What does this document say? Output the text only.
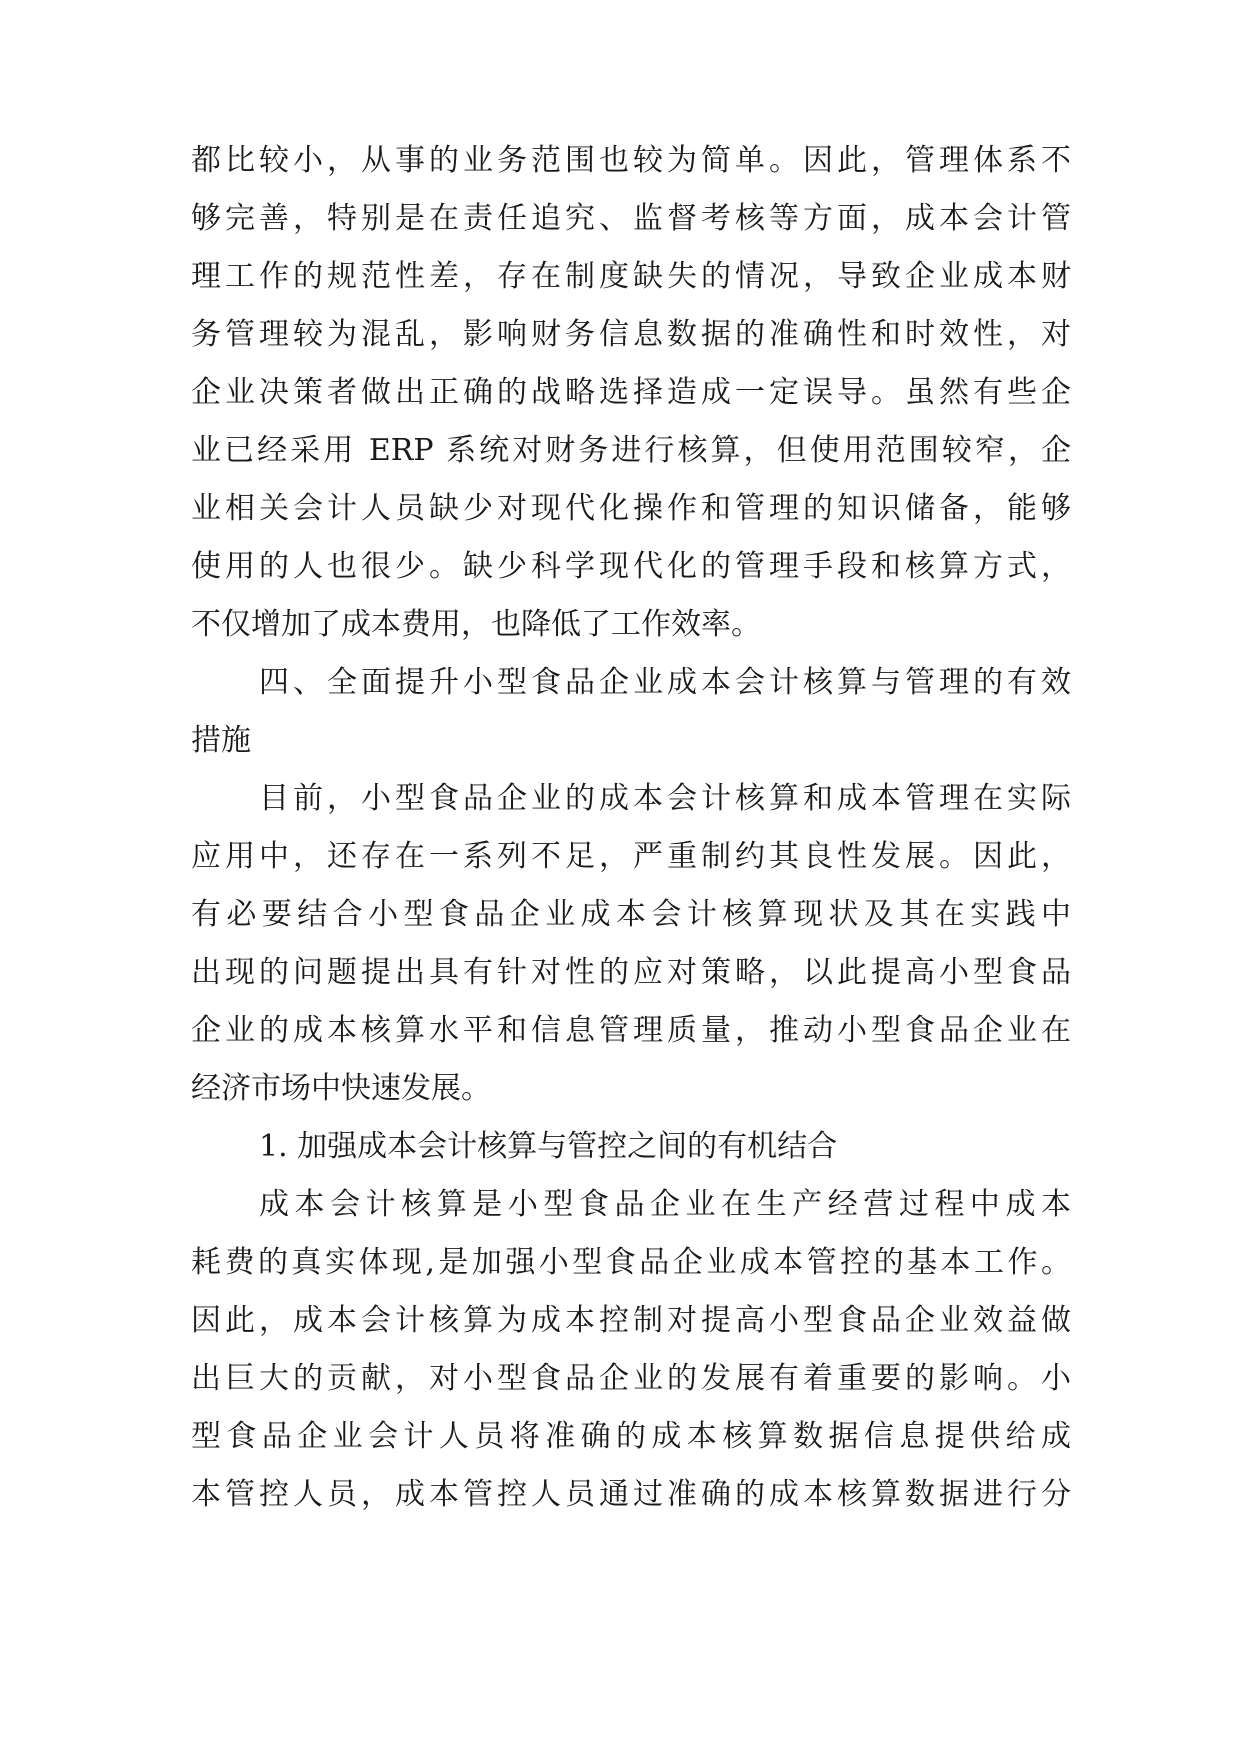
都比较小，从事的业务范围也较为简单。因此，管理体系不
够完善，特别是在责任追究、监督考核等方面，成本会计管
理工作的规范性差，存在制度缺失的情况，导致企业成本财
务管理较为混乱，影响财务信息数据的准确性和时效性，对
企业决策者做出正确的战略选择造成一定误导。虽然有些企
业已经采用 ERP 系统对财务进行核算，但使用范围较窄，企
业相关会计人员缺少对现代化操作和管理的知识储备，能够
使用的人也很少。缺少科学现代化的管理手段和核算方式，
不仅增加了成本费用，也降低了工作效率。
四、全面提升小型食品企业成本会计核算与管理的有效
措施
目前，小型食品企业的成本会计核算和成本管理在实际
应用中，还存在一系列不足，严重制约其良性发展。因此，
有必要结合小型食品企业成本会计核算现状及其在实践中
出现的问题提出具有针对性的应对策略，以此提高小型食品
企业的成本核算水平和信息管理质量，推动小型食品企业在
经济市场中快速发展。
1. 加强成本会计核算与管控之间的有机结合
成本会计核算是小型食品企业在生产经营过程中成本
耗费的真实体现,是加强小型食品企业成本管控的基本工作。
因此，成本会计核算为成本控制对提高小型食品企业效益做
出巨大的贡献，对小型食品企业的发展有着重要的影响。小
型食品企业会计人员将准确的成本核算数据信息提供给成
本管控人员，成本管控人员通过准确的成本核算数据进行分
